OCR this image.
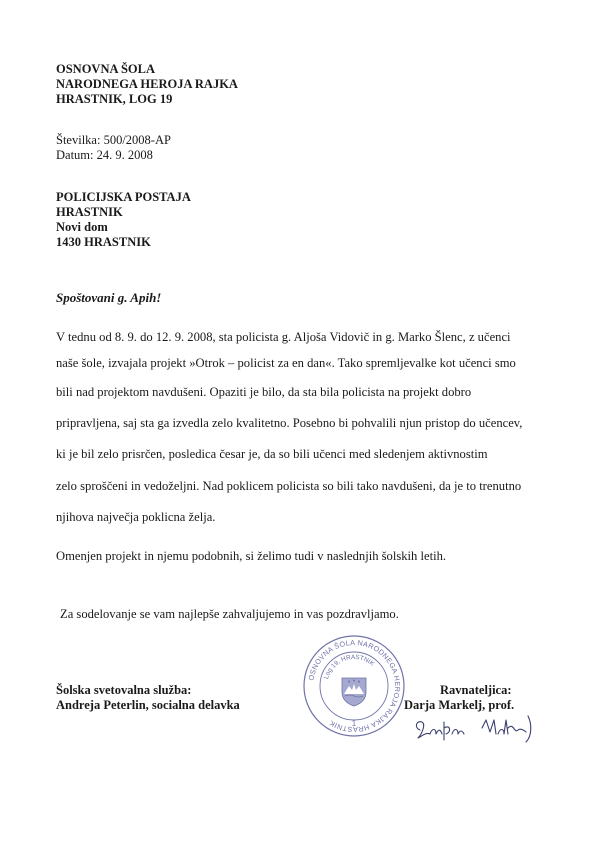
OSNOVNA ŠOLA
NARODNEGA HEROJA RAJKA
HRASTNIK, LOG 19
Številka: 500/2008-AP
Datum: 24. 9. 2008
POLICIJSKA POSTAJA
HRASTNIK
Novi dom
1430 HRASTNIK
Spoštovani g. Apih!
V tednu od 8. 9. do 12. 9. 2008, sta policista g. Aljoša Vidovič in g. Marko Šlenc, z učenci
naše šole, izvajala projekt »Otrok – policist za en dan«. Tako spremljevalke kot učenci smo
bili nad projektom navdušeni. Opaziti je bilo, da sta bila policista na projekt dobro
pripravljena, saj sta ga izvedla zelo kvalitetno. Posebno bi pohvalili njun pristop do učencev,
ki je bil zelo prisrčen, posledica česar je, da so bili učenci med sledenjem aktivnostim
zelo sproščeni in vedoželjni. Nad poklicem policista so bili tako navdušeni, da je to trenutno
njihova največja poklicna želja.
Omenjen projekt in njemu podobnih, si želimo tudi v naslednjih šolskih letih.
Za sodelovanje se vam najlepše zahvaljujemo in vas pozdravljamo.
Šolska svetovalna služba:
Andreja Peterlin, socialna delavka
Ravnateljica:
Darja Markelj, prof.
OSNOVNA ŠOLA NARODNEGA HEROJA RAJKA HRASTNIK
Log 19, HRASTNIK
1
